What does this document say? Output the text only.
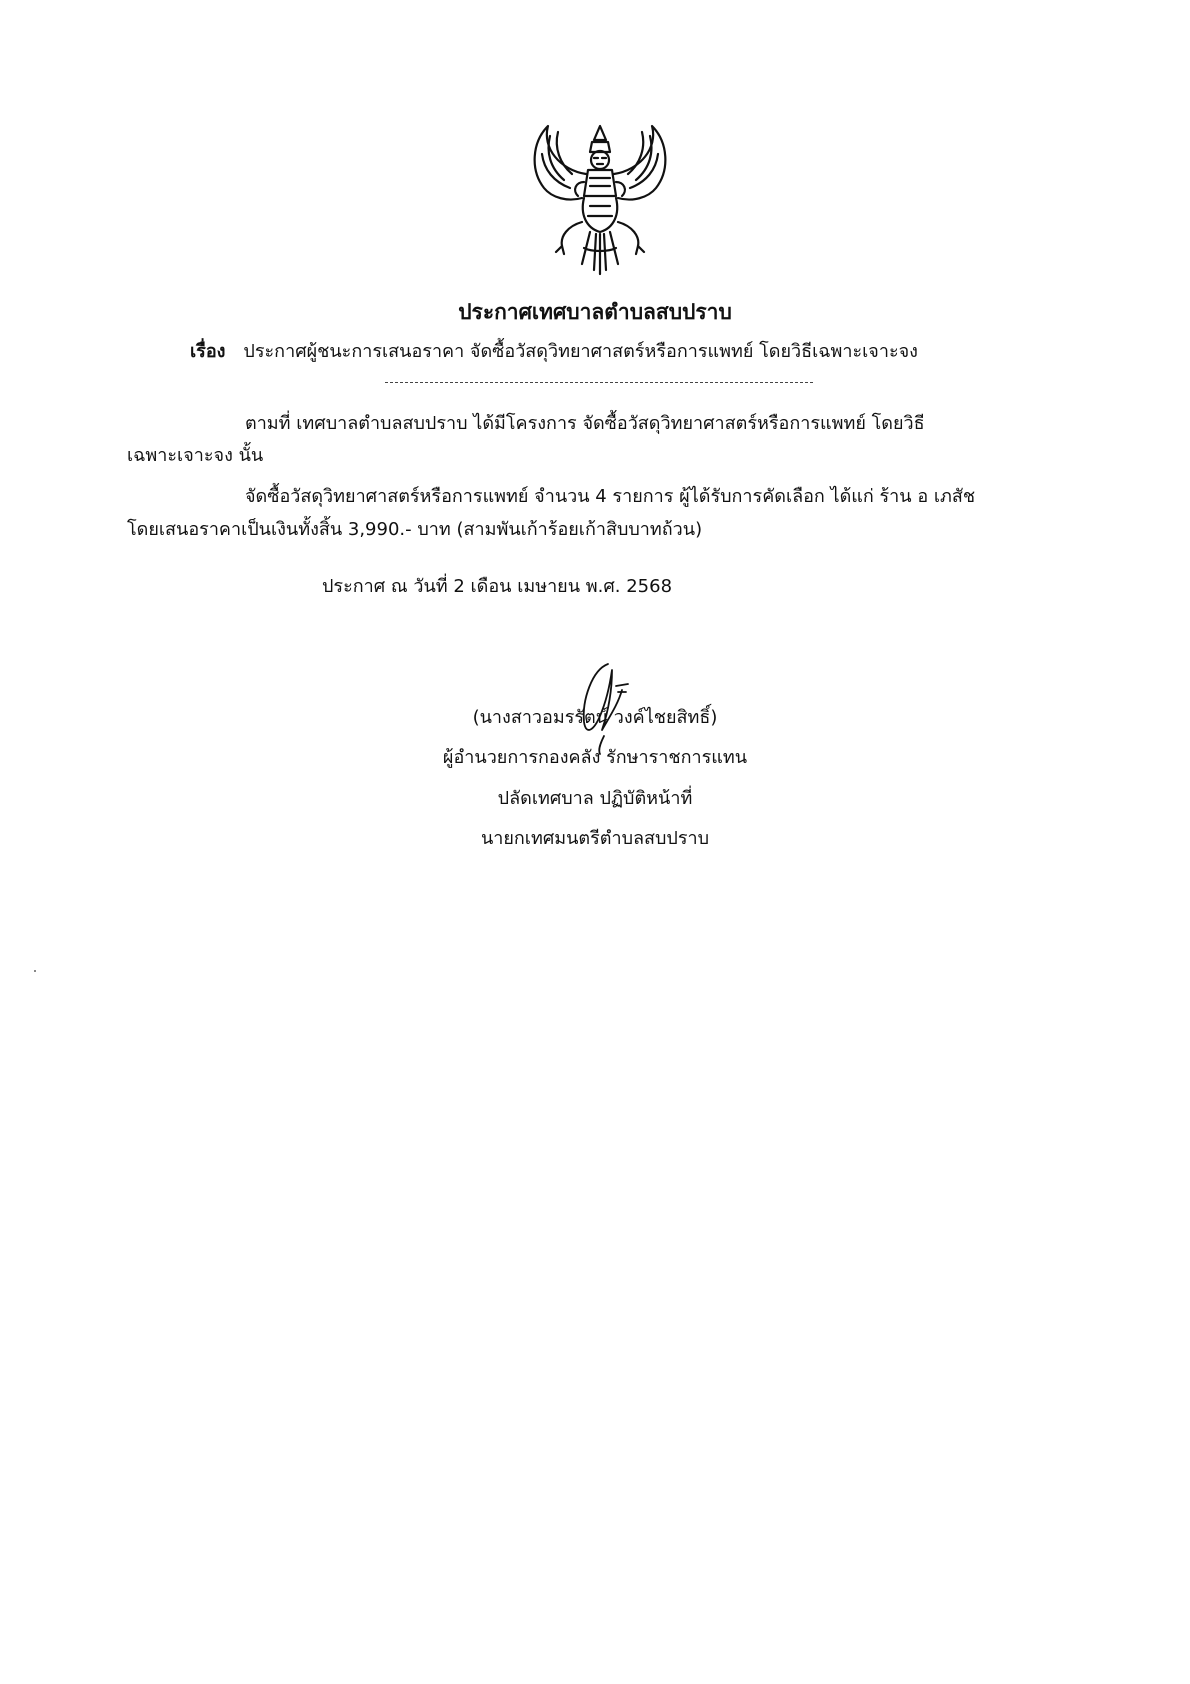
ประกาศเทศบาลตำบลสบปราบ
เรื่อง ประกาศผู้ชนะการเสนอราคา จัดซื้อวัสดุวิทยาศาสตร์หรือการแพทย์ โดยวิธีเฉพาะเจาะจง
ตามที่ เทศบาลตำบลสบปราบ ได้มีโครงการ จัดซื้อวัสดุวิทยาศาสตร์หรือการแพทย์ โดยวิธี
เฉพาะเจาะจง นั้น
จัดซื้อวัสดุวิทยาศาสตร์หรือการแพทย์ จำนวน 4 รายการ ผู้ได้รับการคัดเลือก ได้แก่ ร้าน อ เภสัช
โดยเสนอราคาเป็นเงินทั้งสิ้น 3,990.- บาท (สามพันเก้าร้อยเก้าสิบบาทถ้วน)
ประกาศ ณ วันที่ 2 เดือน เมษายน พ.ศ. 2568
(นางสาวอมรรัตน์ วงค์ไชยสิทธิ์)
ผู้อำนวยการกองคลัง รักษาราชการแทน
ปลัดเทศบาล ปฏิบัติหน้าที่
นายกเทศมนตรีตำบลสบปราบ
